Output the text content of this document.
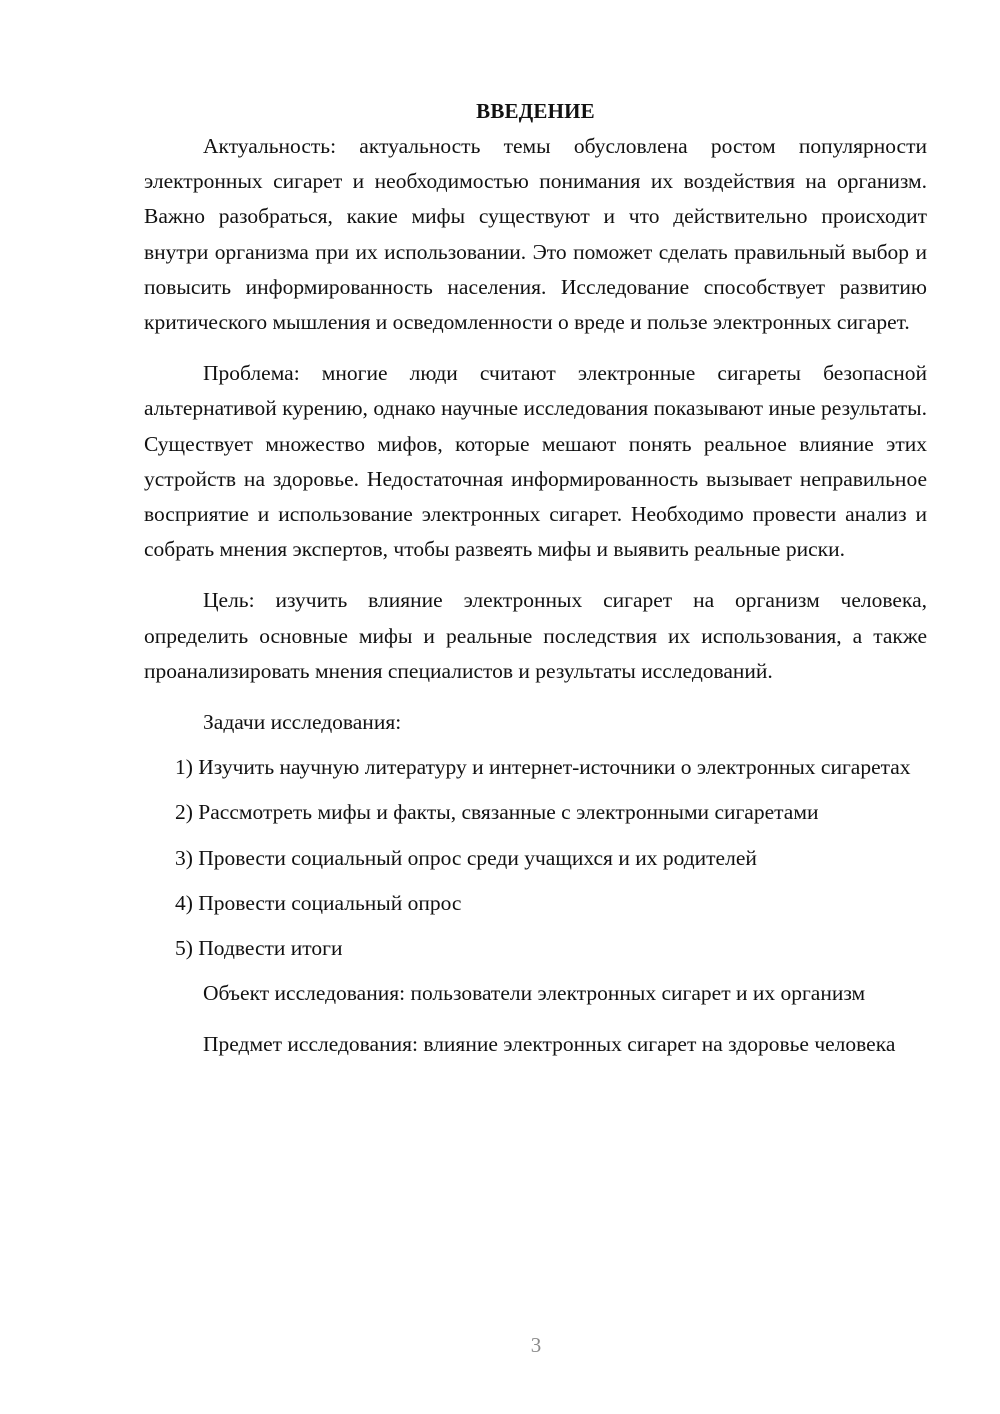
ВВЕДЕНИЕ

Актуальность: актуальность темы обусловлена ростом популярности электронных сигарет и необходимостью понимания их воздействия на организм. Важно разобраться, какие мифы существуют и что действительно происходит внутри организма при их использовании. Это поможет сделать правильный выбор и повысить информированность населения. Исследование способствует развитию критического мышления и осведомленности о вреде и пользе электронных сигарет.

Проблема: многие люди считают электронные сигареты безопасной альтернативой курению, однако научные исследования показывают иные результаты. Существует множество мифов, которые мешают понять реальное влияние этих устройств на здоровье. Недостаточная информированность вызывает неправильное восприятие и использование электронных сигарет. Необходимо провести анализ и собрать мнения экспертов, чтобы развеять мифы и выявить реальные риски.

Цель: изучить влияние электронных сигарет на организм человека, определить основные мифы и реальные последствия их использования, а также проанализировать мнения специалистов и результаты исследований.

Задачи исследования:

1) Изучить научную литературу и интернет-источники о электронных сигаретах

2) Рассмотреть мифы и факты, связанные с электронными сигаретами

3) Провести социальный опрос среди учащихся и их родителей

4) Провести социальный опрос

5) Подвести итоги

Объект исследования: пользователи электронных сигарет и их организм

Предмет исследования: влияние электронных сигарет на здоровье человека

3
